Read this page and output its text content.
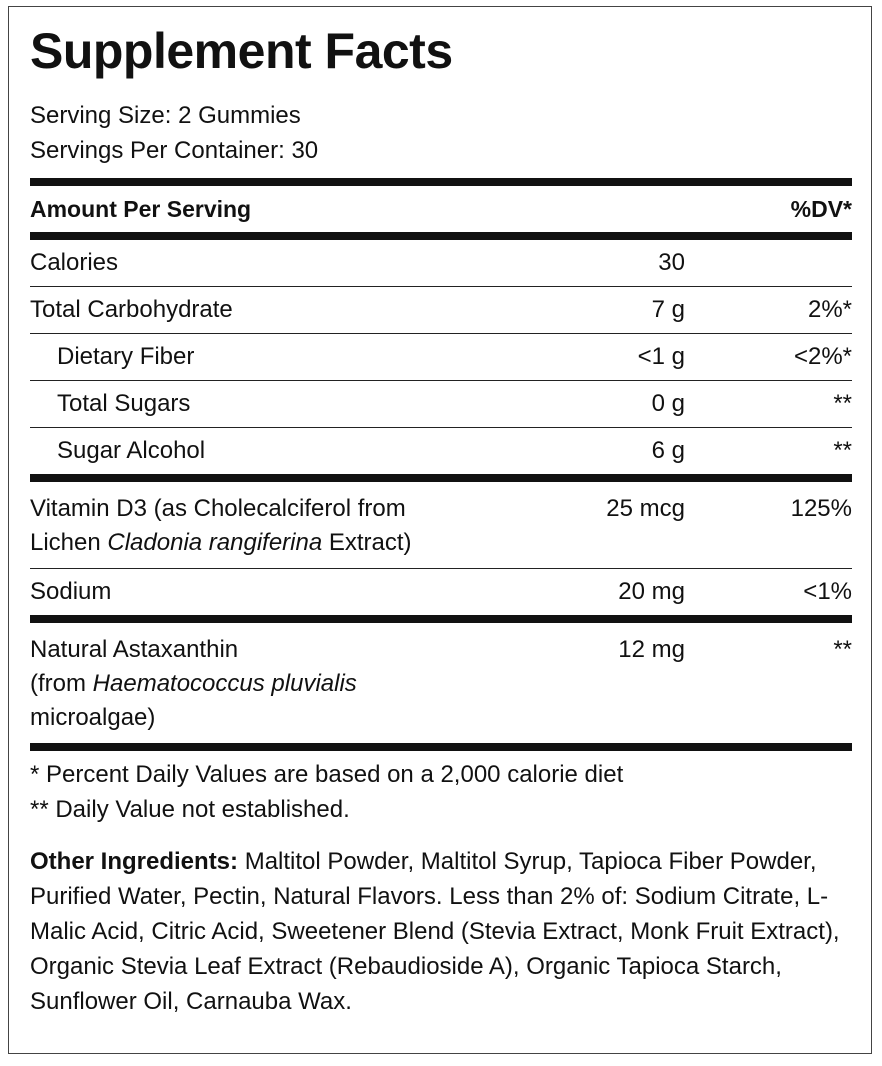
Supplement Facts
Serving Size: 2 Gummies
Servings Per Container: 30
Amount Per Serving	%DV*
Calories	30
Total Carbohydrate	7 g	2%*
Dietary Fiber	<1 g	<2%*
Total Sugars	0 g	**
Sugar Alcohol	6 g	**
Vitamin D3 (as Cholecalciferol from
Lichen Cladonia rangiferina Extract)
25 mcg	125%
Sodium	20 mg	<1%
Natural Astaxanthin
(from Haematococcus pluvialis
microalgae)
12 mg	**
* Percent Daily Values are based on a 2,000 calorie diet
** Daily Value not established.
Other Ingredients: Maltitol Powder, Maltitol Syrup, Tapioca Fiber Powder, Purified Water, Pectin, Natural Flavors. Less than 2% of: Sodium Citrate, L-Malic Acid, Citric Acid, Sweetener Blend (Stevia Extract, Monk Fruit Extract), Organic Stevia Leaf Extract (Rebaudioside A), Organic Tapioca Starch, Sunflower Oil, Carnauba Wax.
